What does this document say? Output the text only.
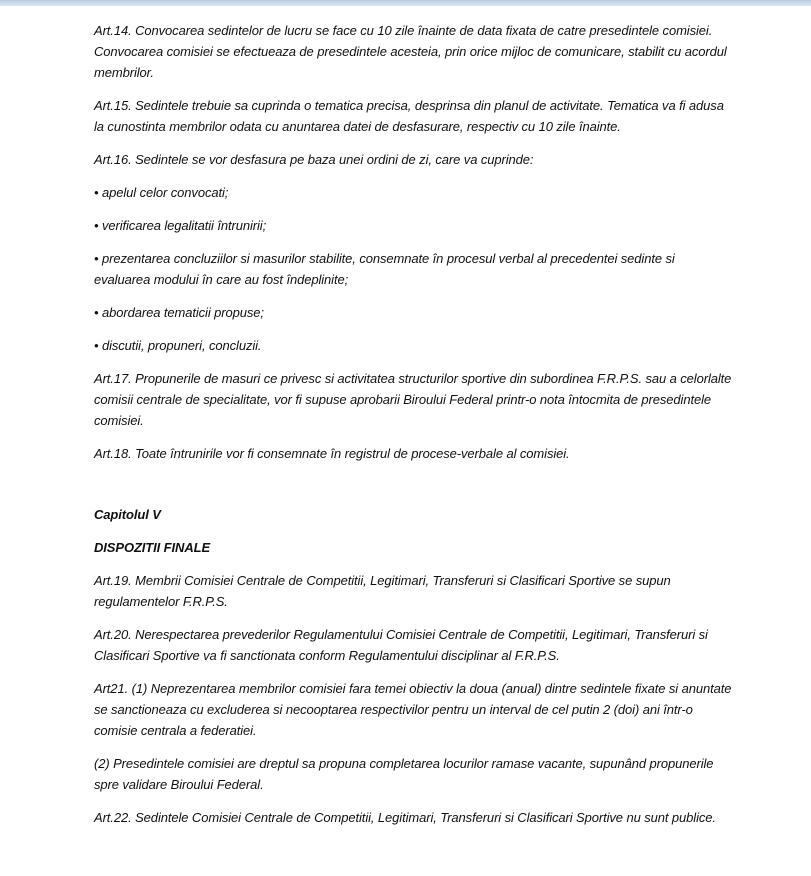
Art.14. Convocarea sedintelor de lucru se face cu 10 zile înainte de data fixata de catre presedintele comisiei. Convocarea comisiei se efectueaza de presedintele acesteia, prin orice mijloc de comunicare, stabilit cu acordul membrilor.

Art.15. Sedintele trebuie sa cuprinda o tematica precisa, desprinsa din planul de activitate. Tematica va fi adusa la cunostinta membrilor odata cu anuntarea datei de desfasurare, respectiv cu 10 zile înainte.

Art.16. Sedintele se vor desfasura pe baza unei ordini de zi, care va cuprinde:

• apelul celor convocati;

• verificarea legalitatii întrunirii;

• prezentarea concluziilor si masurilor stabilite, consemnate în procesul verbal al precedentei sedinte si evaluarea modului în care au fost îndeplinite;

• abordarea tematicii propuse;

• discutii, propuneri, concluzii.

Art.17. Propunerile de masuri ce privesc si activitatea structurilor sportive din subordinea F.R.P.S. sau a celorlalte comisii centrale de specialitate, vor fi supuse aprobarii Biroului Federal printr-o nota întocmita de presedintele comisiei.

Art.18. Toate întrunirile vor fi consemnate în registrul de procese-verbale al comisiei.

Capitolul V

DISPOZITII FINALE

Art.19. Membrii Comisiei Centrale de Competitii, Legitimari, Transferuri si Clasificari Sportive se supun regulamentelor F.R.P.S.

Art.20. Nerespectarea prevederilor Regulamentului Comisiei Centrale de Competitii, Legitimari, Transferuri si Clasificari Sportive va fi sanctionata conform Regulamentului disciplinar al F.R.P.S.

Art21. (1) Neprezentarea membrilor comisiei fara temei obiectiv la doua (anual) dintre sedintele fixate si anuntate se sanctioneaza cu excluderea si necooptarea respectivilor pentru un interval de cel putin 2 (doi) ani într-o comisie centrala a federatiei.

(2) Presedintele comisiei are dreptul sa propuna completarea locurilor ramase vacante, supunând propunerile spre validare Biroului Federal.

Art.22. Sedintele Comisiei Centrale de Competitii, Legitimari, Transferuri si Clasificari Sportive nu sunt publice.
